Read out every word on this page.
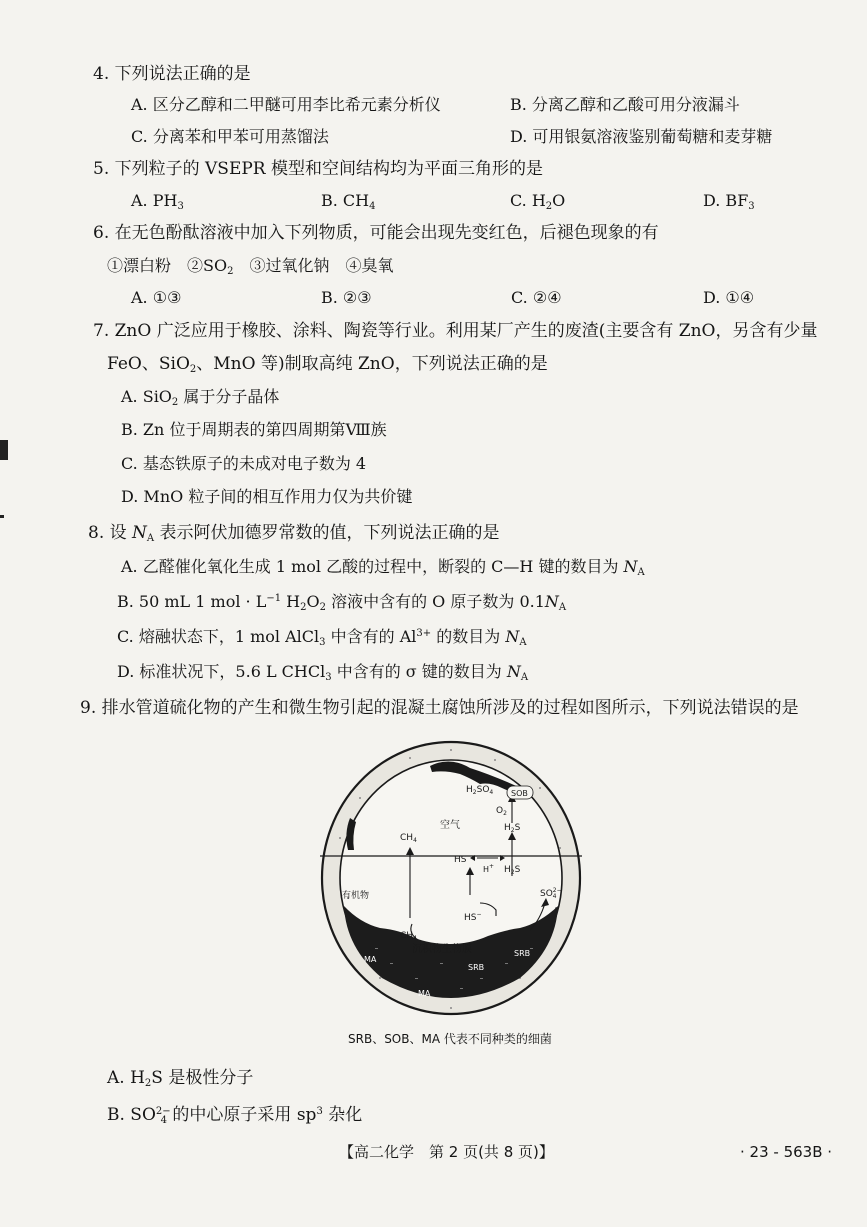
4. 下列说法正确的是
A. 区分乙醇和二甲醚可用李比希元素分析仪	B. 分离乙醇和乙酸可用分液漏斗
C. 分离苯和甲苯可用蒸馏法	D. 可用银氨溶液鉴别葡萄糖和麦芽糖
5. 下列粒子的 VSEPR 模型和空间结构均为平面三角形的是
A. $PH_3$	B. $CH_4$	C. $H_2O$	D. $BF_3$
6. 在无色酚酞溶液中加入下列物质，可能会出现先变红色，后褪色现象的有
①漂白粉　$②SO_2$　③过氧化钠　④臭氧
A. ①③	B. ②③	C. ②④	D. ①④
7. ZnO 广泛应用于橡胶、涂料、陶瓷等行业。利用某厂产生的废渣(主要含有 ZnO，另含有少量
FeO、SiO$_2$、MnO 等)制取高纯 ZnO，下列说法正确的是
A. SiO$_2$ 属于分子晶体
B. Zn 位于周期表的第四周期第Ⅷ族
C. 基态铁原子的未成对电子数为 4
D. MnO 粒子间的相互作用力仅为共价键
8. 设 $N_A$ 表示阿伏加德罗常数的值，下列说法正确的是
A. 乙醛催化氧化生成 1 mol 乙酸的过程中，断裂的 C—H 键的数目为 $N_A$
B. 50 mL 1 mol · $L^{-1}$ $H_2O_2$ 溶液中含有的 O 原子数为 $0.1N_A$
C. 熔融状态下，1 mol AlCl$_3$ 中含有的 $Al^{3+}$ 的数目为 $N_A$
D. 标准状况下，5.6 L CHCl$_3$ 中含有的 σ 键的数目为 $N_A$
9. 排水管道硫化物的产生和微生物引起的混凝土腐蚀所涉及的过程如图所示，下列说法错误的是
$H_2SO_4$ SOB
$O_2$
空气	$H_2S$
$CH_4$
HS−
H+ $H_2S$
有机物	$SO^{2-}$ 4
HS−
$CH_4$
沉积物生物膜	SRB
SRB
MA
MA
SRB、SOB、MA 代表不同种类的细菌
A. $H_2S$ 是极性分子
B. $SO^{2-}_4$ 的中心原子采用 $sp^3$ 杂化
【高二化学　第 2 页(共 8 页)】	· 23 - 563B ·
